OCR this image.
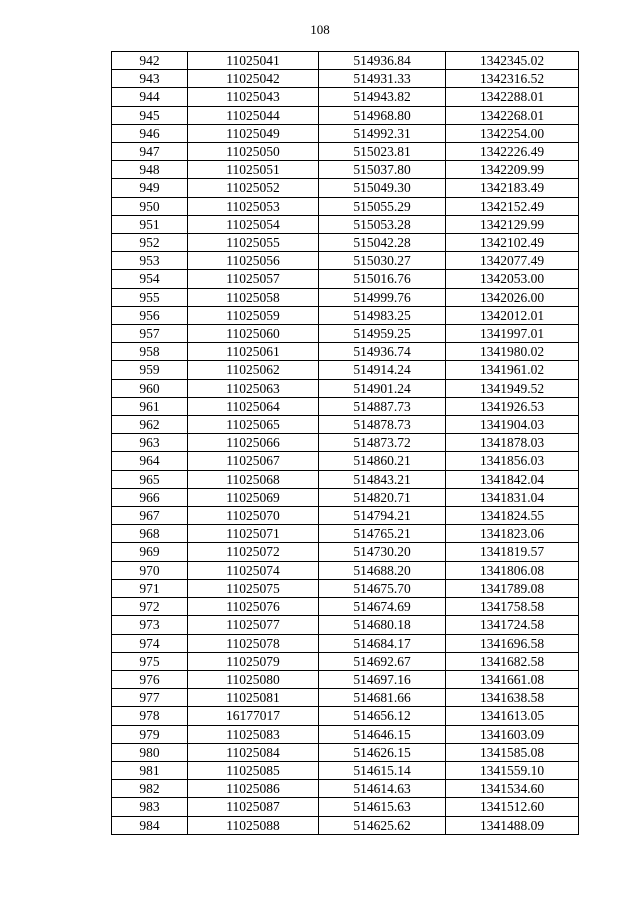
108
942	11025041	514936.84	1342345.02
943	11025042	514931.33	1342316.52
944	11025043	514943.82	1342288.01
945	11025044	514968.80	1342268.01
946	11025049	514992.31	1342254.00
947	11025050	515023.81	1342226.49
948	11025051	515037.80	1342209.99
949	11025052	515049.30	1342183.49
950	11025053	515055.29	1342152.49
951	11025054	515053.28	1342129.99
952	11025055	515042.28	1342102.49
953	11025056	515030.27	1342077.49
954	11025057	515016.76	1342053.00
955	11025058	514999.76	1342026.00
956	11025059	514983.25	1342012.01
957	11025060	514959.25	1341997.01
958	11025061	514936.74	1341980.02
959	11025062	514914.24	1341961.02
960	11025063	514901.24	1341949.52
961	11025064	514887.73	1341926.53
962	11025065	514878.73	1341904.03
963	11025066	514873.72	1341878.03
964	11025067	514860.21	1341856.03
965	11025068	514843.21	1341842.04
966	11025069	514820.71	1341831.04
967	11025070	514794.21	1341824.55
968	11025071	514765.21	1341823.06
969	11025072	514730.20	1341819.57
970	11025074	514688.20	1341806.08
971	11025075	514675.70	1341789.08
972	11025076	514674.69	1341758.58
973	11025077	514680.18	1341724.58
974	11025078	514684.17	1341696.58
975	11025079	514692.67	1341682.58
976	11025080	514697.16	1341661.08
977	11025081	514681.66	1341638.58
978	16177017	514656.12	1341613.05
979	11025083	514646.15	1341603.09
980	11025084	514626.15	1341585.08
981	11025085	514615.14	1341559.10
982	11025086	514614.63	1341534.60
983	11025087	514615.63	1341512.60
984	11025088	514625.62	1341488.09
